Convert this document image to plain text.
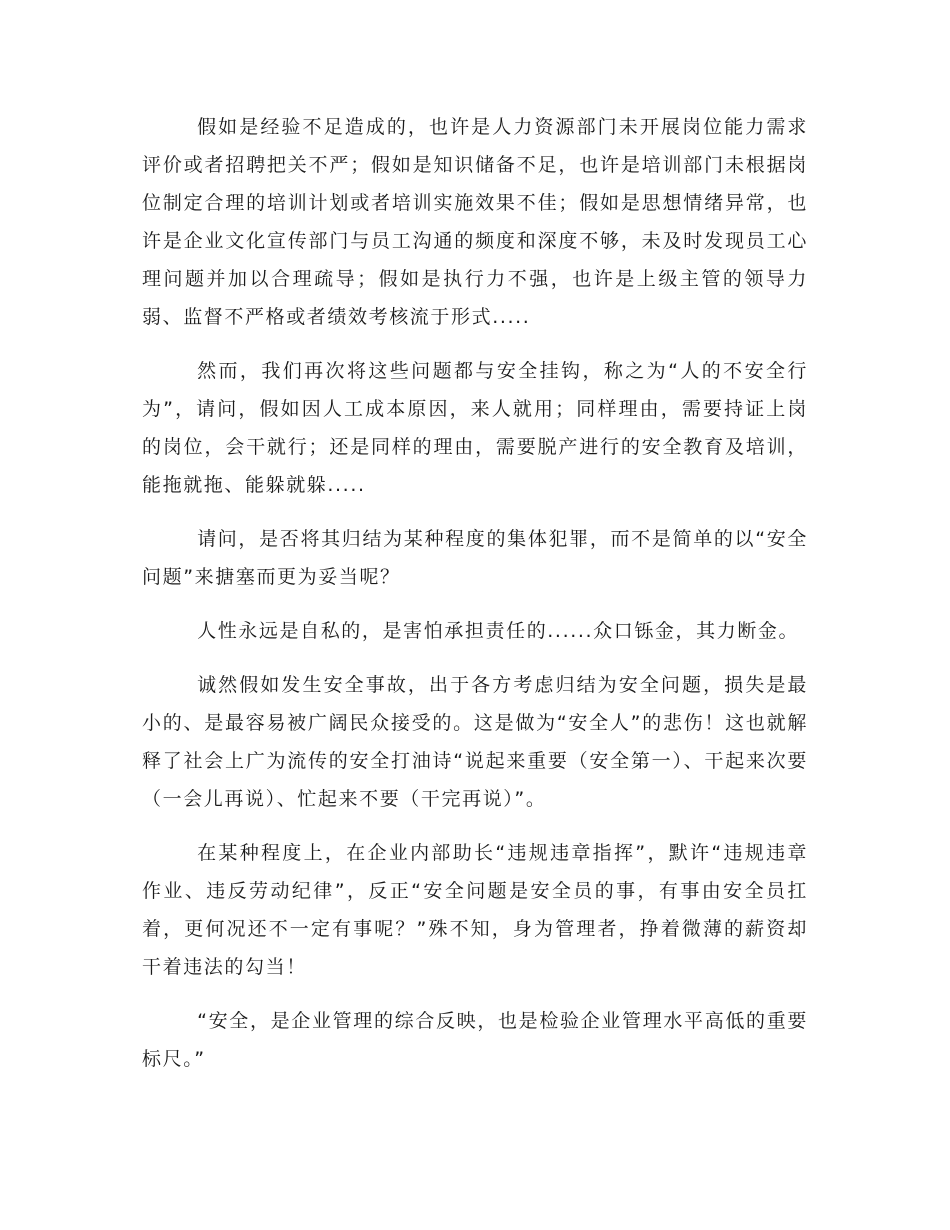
假如是经验不足造成的，也许是人力资源部门未开展岗位能力需求评价或者招聘把关不严；假如是知识储备不足，也许是培训部门未根据岗位制定合理的培训计划或者培训实施效果不佳；假如是思想情绪异常，也许是企业文化宣传部门与员工沟通的频度和深度不够，未及时发现员工心理问题并加以合理疏导；假如是执行力不强，也许是上级主管的领导力弱、监督不严格或者绩效考核流于形式.....

然而，我们再次将这些问题都与安全挂钩，称之为“人的不安全行为”，请问，假如因人工成本原因，来人就用；同样理由，需要持证上岗的岗位，会干就行；还是同样的理由，需要脱产进行的安全教育及培训，能拖就拖、能躲就躲.....

请问，是否将其归结为某种程度的集体犯罪，而不是简单的以“安全问题”来搪塞而更为妥当呢？

人性永远是自私的，是害怕承担责任的......众口铄金，其力断金。

诚然假如发生安全事故，出于各方考虑归结为安全问题，损失是最小的、是最容易被广阔民众接受的。这是做为“安全人”的悲伤！这也就解释了社会上广为流传的安全打油诗“说起来重要（安全第一）、干起来次要（一会儿再说）、忙起来不要（干完再说）”。

在某种程度上，在企业内部助长“违规违章指挥”，默许“违规违章作业、违反劳动纪律”，反正“安全问题是安全员的事，有事由安全员扛着，更何况还不一定有事呢？”殊不知，身为管理者，挣着微薄的薪资却干着违法的勾当！

“安全，是企业管理的综合反映，也是检验企业管理水平高低的重要标尺。”
